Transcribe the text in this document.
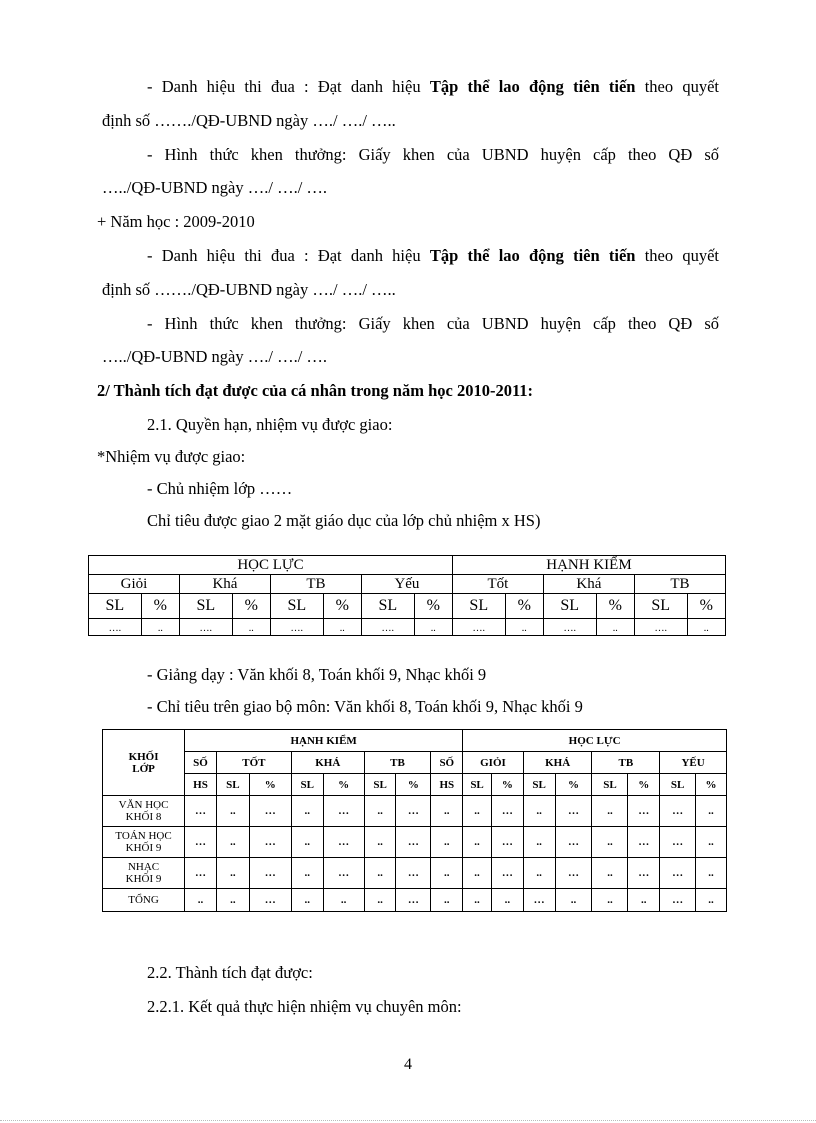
- Danh hiệu thi đua : Đạt danh hiệu Tập thể lao động tiên tiến theo quyết
định số ……./QĐ-UBND ngày …./ …./ …..
- Hình thức khen thưởng: Giấy khen của UBND huyện cấp theo QĐ số
…../QĐ-UBND ngày …./ …./ ….
+ Năm học : 2009-2010
- Danh hiệu thi đua : Đạt danh hiệu Tập thể lao động tiên tiến theo quyết
định số ……./QĐ-UBND ngày …./ …./ …..
- Hình thức khen thưởng: Giấy khen của UBND huyện cấp theo QĐ số
…../QĐ-UBND ngày …./ …./ ….
2/ Thành tích đạt được của cá nhân trong năm học 2010-2011:
2.1. Quyền hạn, nhiệm vụ được giao:
*Nhiệm vụ được giao:
- Chủ nhiệm lớp ……
Chỉ tiêu được giao 2 mặt giáo dục của lớp chủ nhiệm x HS)
HỌC LỰC								HẠNH KIỂM					
Giỏi		Khá		TB		Yếu		Tốt		Khá		TB	
SL	%	SL	%	SL	%	SL	%	SL	%	SL	%	SL	%
….	..	….	..	….	..	….	..	….	..	….	..	….	..
- Giảng dạy : Văn khối 8, Toán khối 9, Nhạc khối 9
- Chỉ tiêu trên giao bộ môn: Văn khối 8, Toán khối 9, Nhạc khối 9
KHỐI
LỚP	HẠNH KIỂM								HỌC LỰC							
	SỐ	TỐT		KHÁ		TB		SỐ	GIỎI		KHÁ		TB		YẾU	
	HS	SL	%	SL	%	SL	%	HS	SL	%	SL	%	SL	%	SL	%
VĂN HỌC
KHỐI 8	…	..	…	..	…	..	…	..	..	…	..	…	..	…	…	..
TOÁN HỌC
KHỐI 9	…	..	…	..	…	..	…	..	..	…	..	…	..	…	…	..
NHẠC
KHỐI 9	…	..	…	..	…	..	…	..	..	…	..	…	..	…	…	..
TỔNG	..	..	…	..	..	..	…	..	..	..	…	..	..	..	…	..
2.2. Thành tích đạt được:
2.2.1. Kết quả thực hiện nhiệm vụ chuyên môn:
4
